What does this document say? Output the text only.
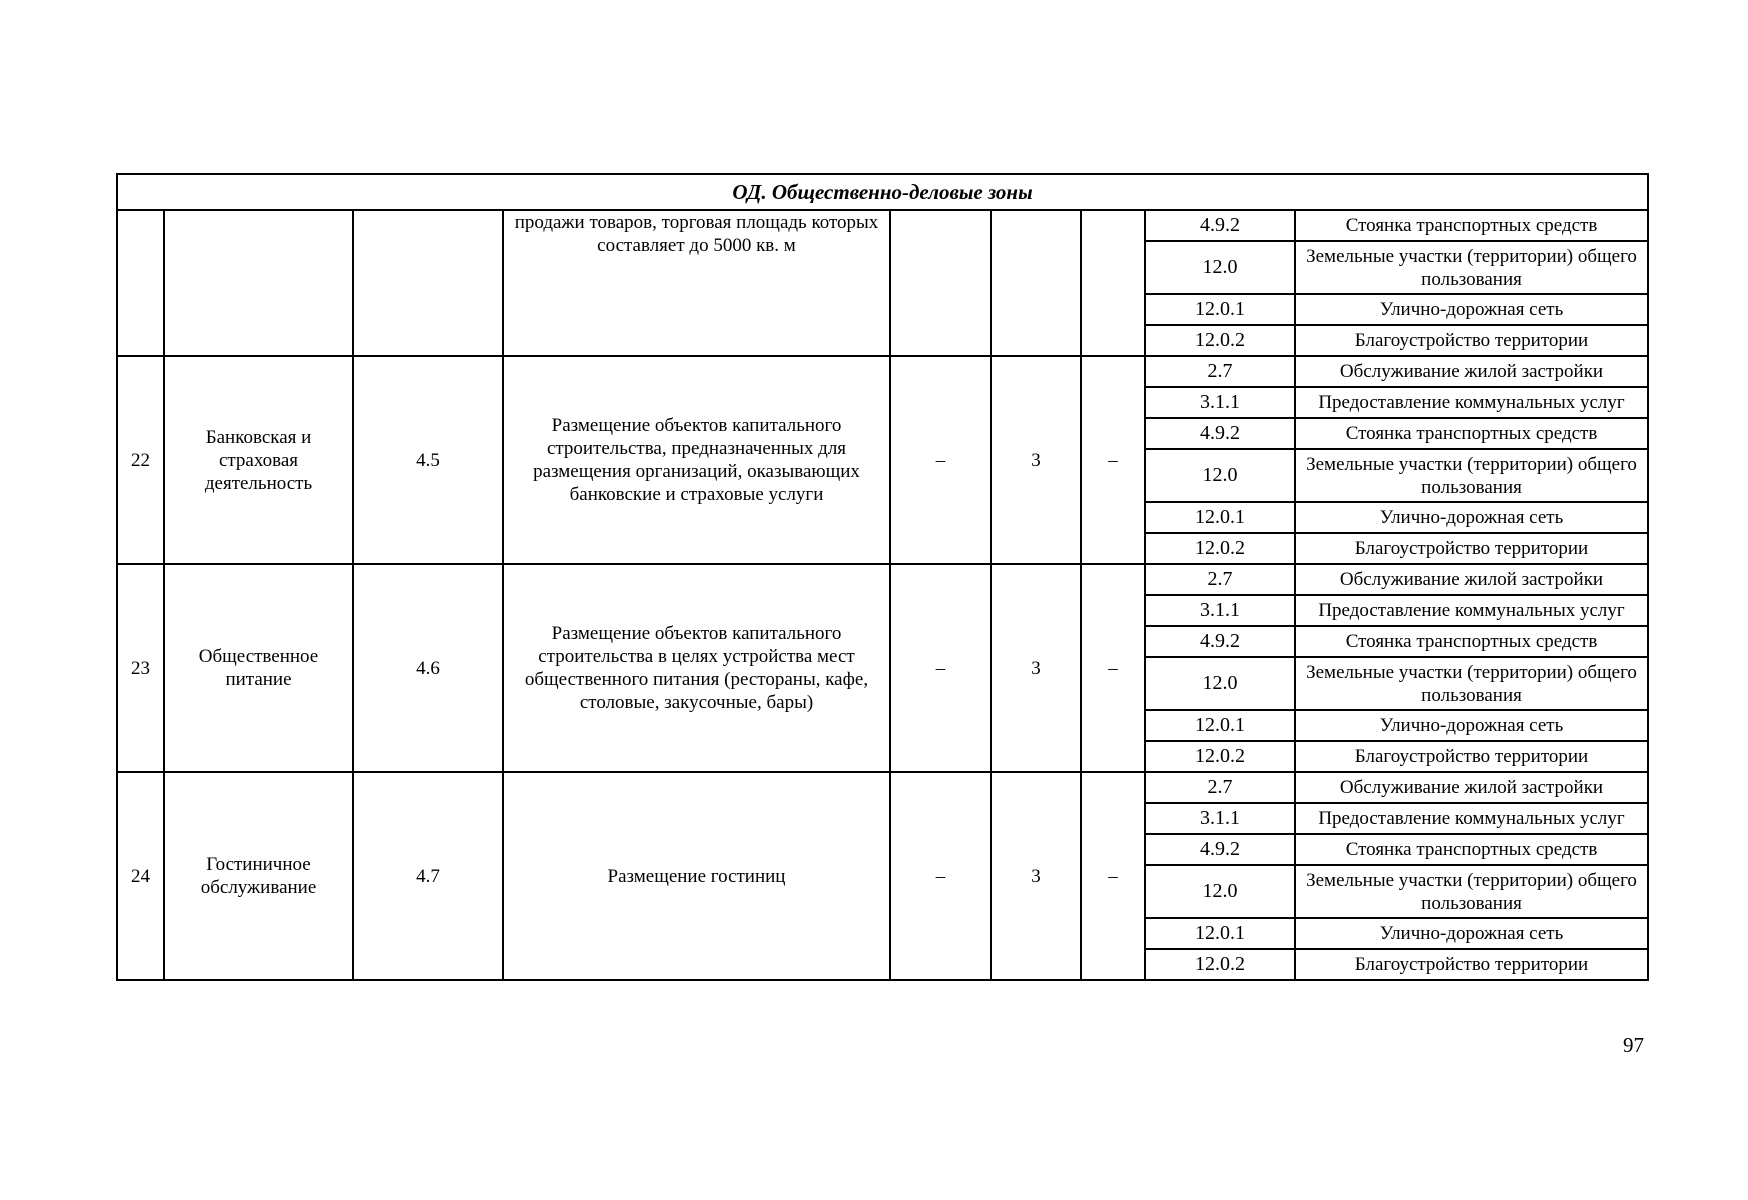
ОД. Общественно-деловые зоны								
			продажи товаров, торговая площадь которых составляет до 5000 кв. м				4.9.2	Стоянка транспортных средств
							12.0	Земельные участки (территории) общего пользования
							12.0.1	Улично-дорожная сеть
							12.0.2	Благоустройство территории
22	Банковская и страховая деятельность	4.5	Размещение объектов капитального строительства, предназначенных для размещения организаций, оказывающих банковские и страховые услуги	–	3	–	2.7	Обслуживание жилой застройки
							3.1.1	Предоставление коммунальных услуг
							4.9.2	Стоянка транспортных средств
							12.0	Земельные участки (территории) общего пользования
							12.0.1	Улично-дорожная сеть
							12.0.2	Благоустройство территории
23	Общественное питание	4.6	Размещение объектов капитального строительства в целях устройства мест общественного питания (рестораны, кафе, столовые, закусочные, бары)	–	3	–	2.7	Обслуживание жилой застройки
							3.1.1	Предоставление коммунальных услуг
							4.9.2	Стоянка транспортных средств
							12.0	Земельные участки (территории) общего пользования
							12.0.1	Улично-дорожная сеть
							12.0.2	Благоустройство территории
24	Гостиничное обслуживание	4.7	Размещение гостиниц	–	3	–	2.7	Обслуживание жилой застройки
							3.1.1	Предоставление коммунальных услуг
							4.9.2	Стоянка транспортных средств
							12.0	Земельные участки (территории) общего пользования
							12.0.1	Улично-дорожная сеть
							12.0.2	Благоустройство территории
97
